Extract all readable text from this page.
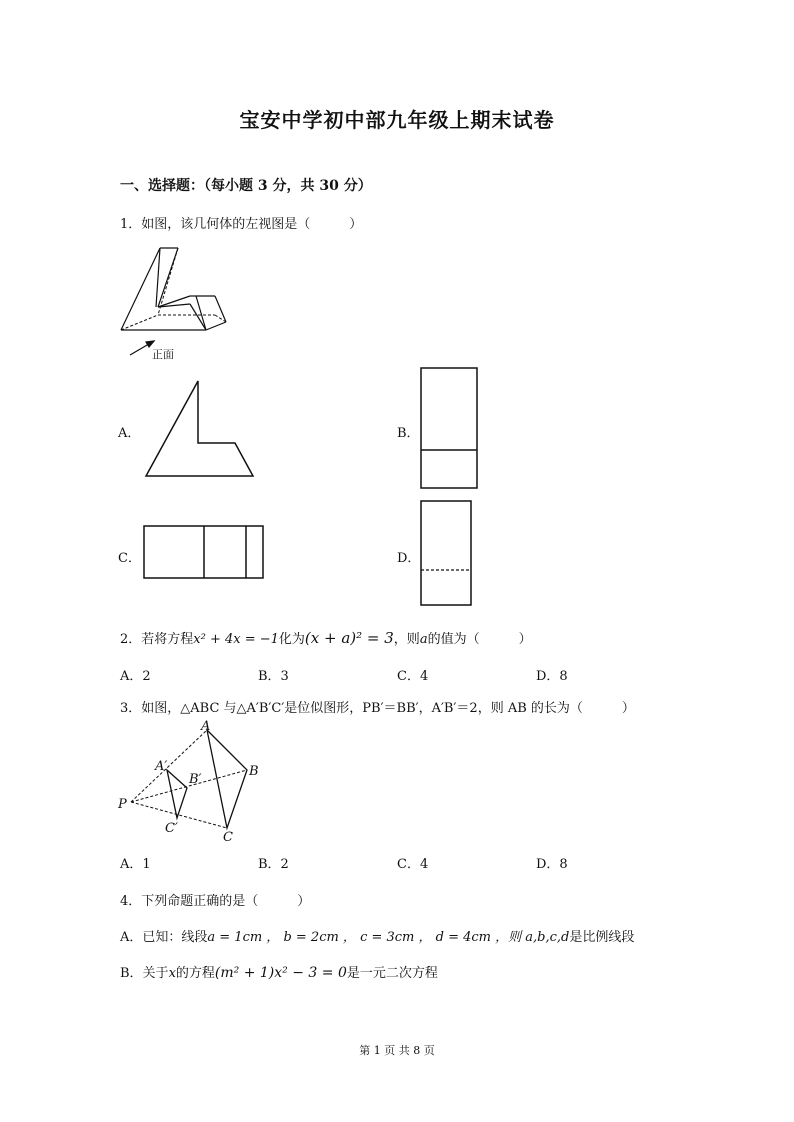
宝安中学初中部九年级上期末试卷
一、选择题：（每小题 3 分，共 30 分）
1．如图，该几何体的左视图是（　　　）
正面
A．	B．
C．	D．
2．若将方程x² + 4x = −1化为(x + a)² = 3，则a的值为（　　　）
A．2	B．3	C．4	D．8
3．如图，△ABC 与△A′B′C′是位似图形，PB′＝BB′，A′B′＝2，则 AB 的长为（　　　）
A
B
C
A′
B′
C′
P
A．1	B．2	C．4	D．8
4．下列命题正确的是（　　　）
A．已知：线段a = 1cm ， b = 2cm ， c = 3cm ， d = 4cm ，则 a,b,c,d是比例线段
B．关于x的方程(m² + 1)x² − 3 = 0是一元二次方程
第 1 页 共 8 页
